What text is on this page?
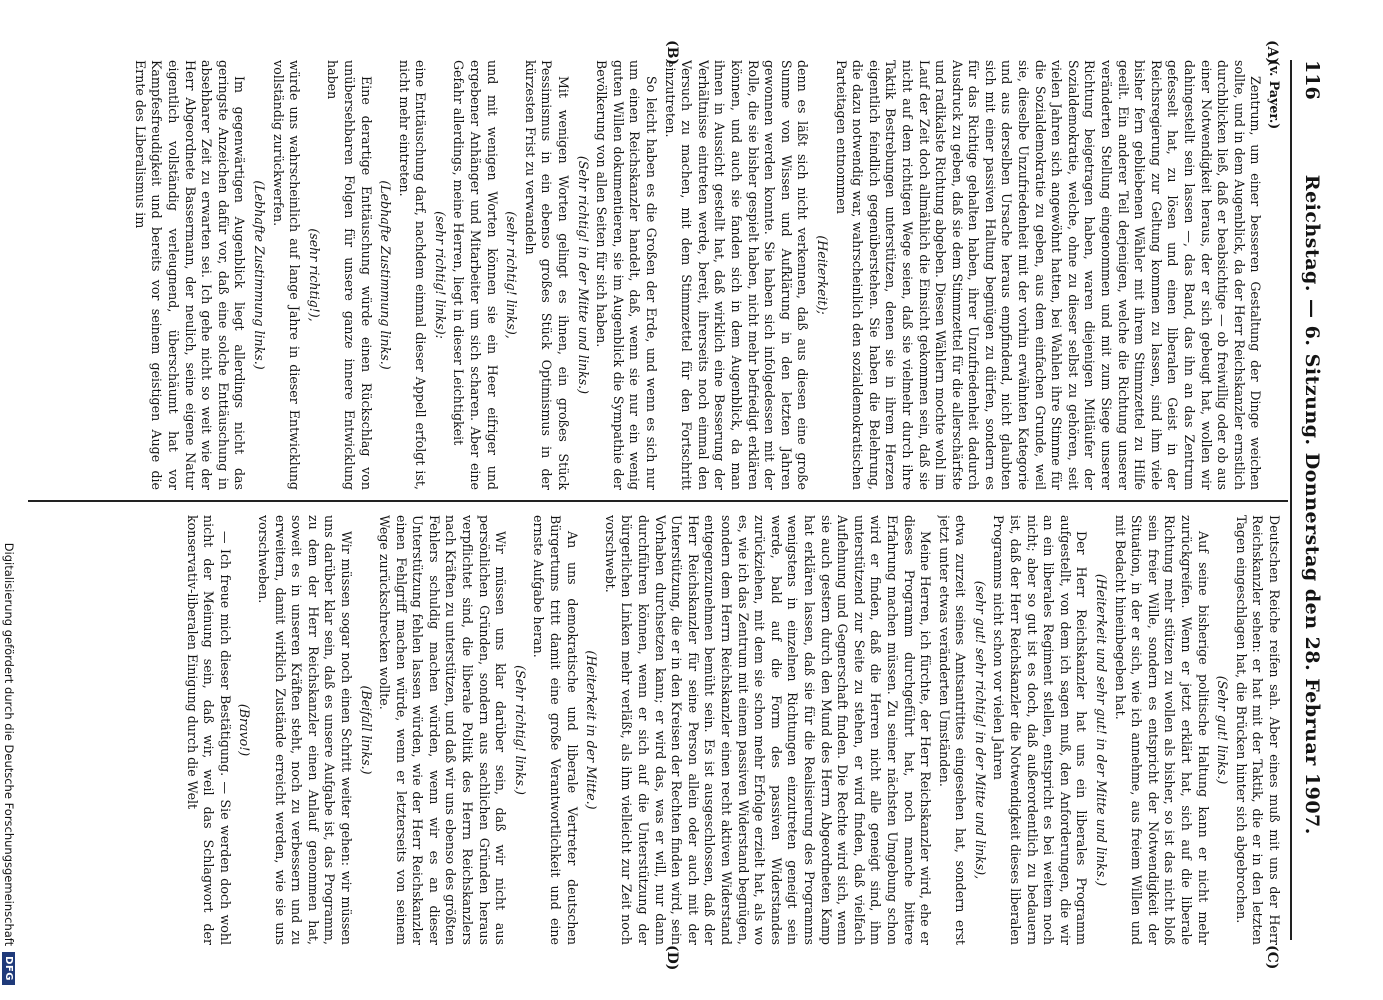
116
Reichstag. — 6. Sitzung. Donnerstag den 28. Februar 1907.
(A)
(B)
(C)
(D)

(v. Payer.)

Zentrum, um einer besseren Gestaltung der Dinge weichen sollte, und in dem Augenblick, da der Herr Reichskanzler ernstlich durchblicken ließ, daß er beabsichtige — ob freiwillig oder ob aus einer Notwendigkeit heraus, der er sich gebeugt hat, wollen wir dahingestellt sein lassen —, das Band, das ihn an das Zentrum gefesselt hat, zu lösen und einen liberalen Geist in der Reichsregierung zur Geltung kommen zu lassen, sind ihm viele bisher fern gebliebenen Wähler mit ihrem Stimmzettel zu Hilfe geeilt. Ein anderer Teil derjenigen, welche die Richtung unserer veränderten Stellung eingenommen und mit zum Siege unserer Richtung beigetragen haben, waren diejenigen Mitläufer der Sozialdemokratie, welche, ohne zu dieser selbst zu gehören, seit vielen Jahren sich angewöhnt hatten, bei Wahlen ihre Stimme für die Sozialdemokratie zu geben, aus dem einfachen Grunde, weil sie, dieselbe Unzufriedenheit mit der vorhin erwähnten Kategorie und aus derselben Ursache heraus empfindend, nicht glaubten sich mit einer passiven Haltung begnügen zu dürfen, sondern es für das Richtige gehalten haben, ihrer Unzufriedenheit dadurch Ausdruck zu geben, daß sie dem Stimmzettel für die allerschärfste und radikalste Richtung abgeben. Diesen Wählern mochte wohl im Lauf der Zeit doch allmählich die Einsicht gekommen sein, daß sie nicht auf dem richtigen Wege seien, daß sie vielmehr durch ihre Taktik Bestrebungen unterstützen, denen sie in ihrem Herzen eigentlich feindlich gegenüberstehen. Sie haben die Belehrung, die dazu notwendig war, wahrscheinlich den sozialdemokratischen Parteitagen entnommen

(Heiterkeit);

denn es läßt sich nicht verkennen, daß aus diesen eine große Summe von Wissen und Aufklärung in den letzten Jahren gewonnen werden konnte. Sie haben sich infolgedessen mit der Rolle, die sie bisher gespielt haben, nicht mehr befriedigt erklären können, und auch sie fanden sich in dem Augenblick, da man ihnen in Aussicht gestellt hat, daß wirklich eine Besserung der Verhältnisse eintreten werde, bereit, ihrerseits noch einmal den Versuch zu machen, mit dem Stimmzettel für den Fortschritt einzutreten.

So leicht haben es die Großen der Erde, und wenn es sich nur um einen Reichskanzler handelt, daß, wenn sie nur ein wenig guten Willen dokumentieren, sie im Augenblick die Sympathie der Bevölkerung von allen Seiten für sich haben.

(Sehr richtig! in der Mitte und links.)

Mit wenigen Worten gelingt es ihnen, ein großes Stück Pessimismus in ein ebenso großes Stück Optimismus in der kürzesten Frist zu verwandeln

(sehr richtig! links),

und mit wenigen Worten können sie ein Heer eifriger und ergebener Anhänger und Mitarbeiter um sich scharen. Aber eine Gefahr allerdings, meine Herren, liegt in dieser Leichtigkeit

(sehr richtig! links):

eine Enttäuschung darf, nachdem einmal dieser Appell erfolgt ist, nicht mehr eintreten.

(Lebhafte Zustimmung links.)

Eine derartige Enttäuschung würde einen Rückschlag von unübersehbaren Folgen für unsere ganze innere Entwicklung haben

(sehr richtig!),

würde uns wahrscheinlich auf lange Jahre in dieser Entwicklung vollständig zurückwerfen.

(Lebhafte Zustimmung links.)

Im gegenwärtigen Augenblick liegt allerdings nicht das geringste Anzeichen dafür vor, daß eine solche Enttäuschung in absehbarer Zeit zu erwarten sei. Ich gehe nicht so weit wie der Herr Abgeordnete Bassermann, der neulich, seine eigene Natur eigentlich vollständig verleugnend, überschäumt hat vor Kampfesfreudigkeit und bereits vor seinem geistigen Auge die Ernte des Liberalismus im

Deutschen Reiche reifen sah. Aber eines muß mit uns der Herr Reichskanzler sehen: er hat mit der Taktik, die er in den letzten Tagen eingeschlagen hat, die Brücken hinter sich abgebrochen.

(Sehr gut! links.)

Auf seine bisherige politische Haltung kann er nicht mehr zurückgreifen. Wenn er jetzt erklärt hat, sich auf die liberale Richtung mehr stützen zu wollen als bisher, so ist das nicht bloß sein freier Wille, sondern es entspricht der Notwendigkeit der Situation, in der er sich, wie ich annehme, aus freiem Willen und mit Bedacht hineinbegeben hat.

(Heiterkeit und sehr gut! in der Mitte und links.)

Der Herr Reichskanzler hat uns ein liberales Programm aufgestellt, von dem ich sagen muß, den Anforderungen, die wir an ein liberales Regiment stellen, entspricht es bei weitem noch nicht; aber so gut ist es doch, daß außerordentlich zu bedauern ist, daß der Herr Reichskanzler die Notwendigkeit dieses liberalen Programms nicht schon vor vielen Jahren

(sehr gut! sehr richtig! in der Mitte und links),

etwa zurzeit seines Amtsantrittes eingesehen hat, sondern erst jetzt unter etwas veränderten Umständen.

Meine Herren, ich fürchte, der Herr Reichskanzler wird, ehe er dieses Programm durchgeführt hat, noch manche bittere Erfahrung machen müssen. Zu seiner nächsten Umgebung schon wird er finden, daß die Herren nicht alle geneigt sind, ihm unterstützend zur Seite zu stehen, er wird finden, daß vielfach Auflehnung und Gegnerschaft finden. Die Rechte wird sich, wenn sie auch gestern durch den Mund des Herrn Abgeordneten Kamp hat erklären lassen, daß sie für die Realisierung des Programms wenigstens in einzelnen Richtungen einzutreten geneigt sein werde, bald auf die Form des passiven Widerstandes zurückziehen, mit dem sie schon mehr Erfolge erzielt hat, als wo es, wie ich das Zentrum mit einem passiven Widerstand begnügen, sondern dem Herrn Reichskanzler einen recht aktiven Widerstand entgegenzunehmen bemüht sein. Es ist ausgeschlossen, daß der Herr Reichskanzler für seine Person allein oder auch mit der Unterstützung, die er in den Kreisen der Rechten finden wird, sein Vorhaben durchsetzen kann; er wird das, was er will, nur dann durchführen können, wenn er sich auf die Unterstützung der bürgerlichen Linken mehr verläßt, als ihm vielleicht zur Zeit noch vorschwebt.

(Heiterkeit in der Mitte.)

An uns demokratische und liberale Vertreter deutschen Bürgertums tritt damit eine große Verantwortlichkeit und eine ernste Aufgabe heran.

(Sehr richtig! links.)

Wir müssen uns klar darüber sein, daß wir nicht aus persönlichen Gründen, sondern aus sachlichen Gründen heraus verpflichtet sind, die liberale Politik des Herrn Reichskanzlers nach Kräften zu unterstützen, und daß wir uns ebenso des größten Fehlers schuldig machen würden, wenn wir es an dieser Unterstützung fehlen lassen würden, wie der Herr Reichskanzler einen Fehlgriff machen würde, wenn er letzterseits von seinem Wege zurückschrecken wollte.

(Beifall links.)

Wir müssen sogar noch einen Schritt weiter gehen: wir müssen uns darüber klar sein, daß es unsere Aufgabe ist, das Programm, zu dem der Herr Reichskanzler einen Anlauf genommen hat, soweit es in unseren Kräften steht, noch zu verbessern und zu erweitern, damit wirklich Zustände erreicht werden, wie sie uns vorschweben.

(Bravo!)

— Ich freue mich dieser Bestätigung. — Sie werden doch wohl nicht der Meinung sein, daß wir, weil das Schlagwort der konservativ-liberalen Einigung durch die Welt

Digitalisierung gefördert durch die Deutsche Forschungsgemeinschaft
DFG
